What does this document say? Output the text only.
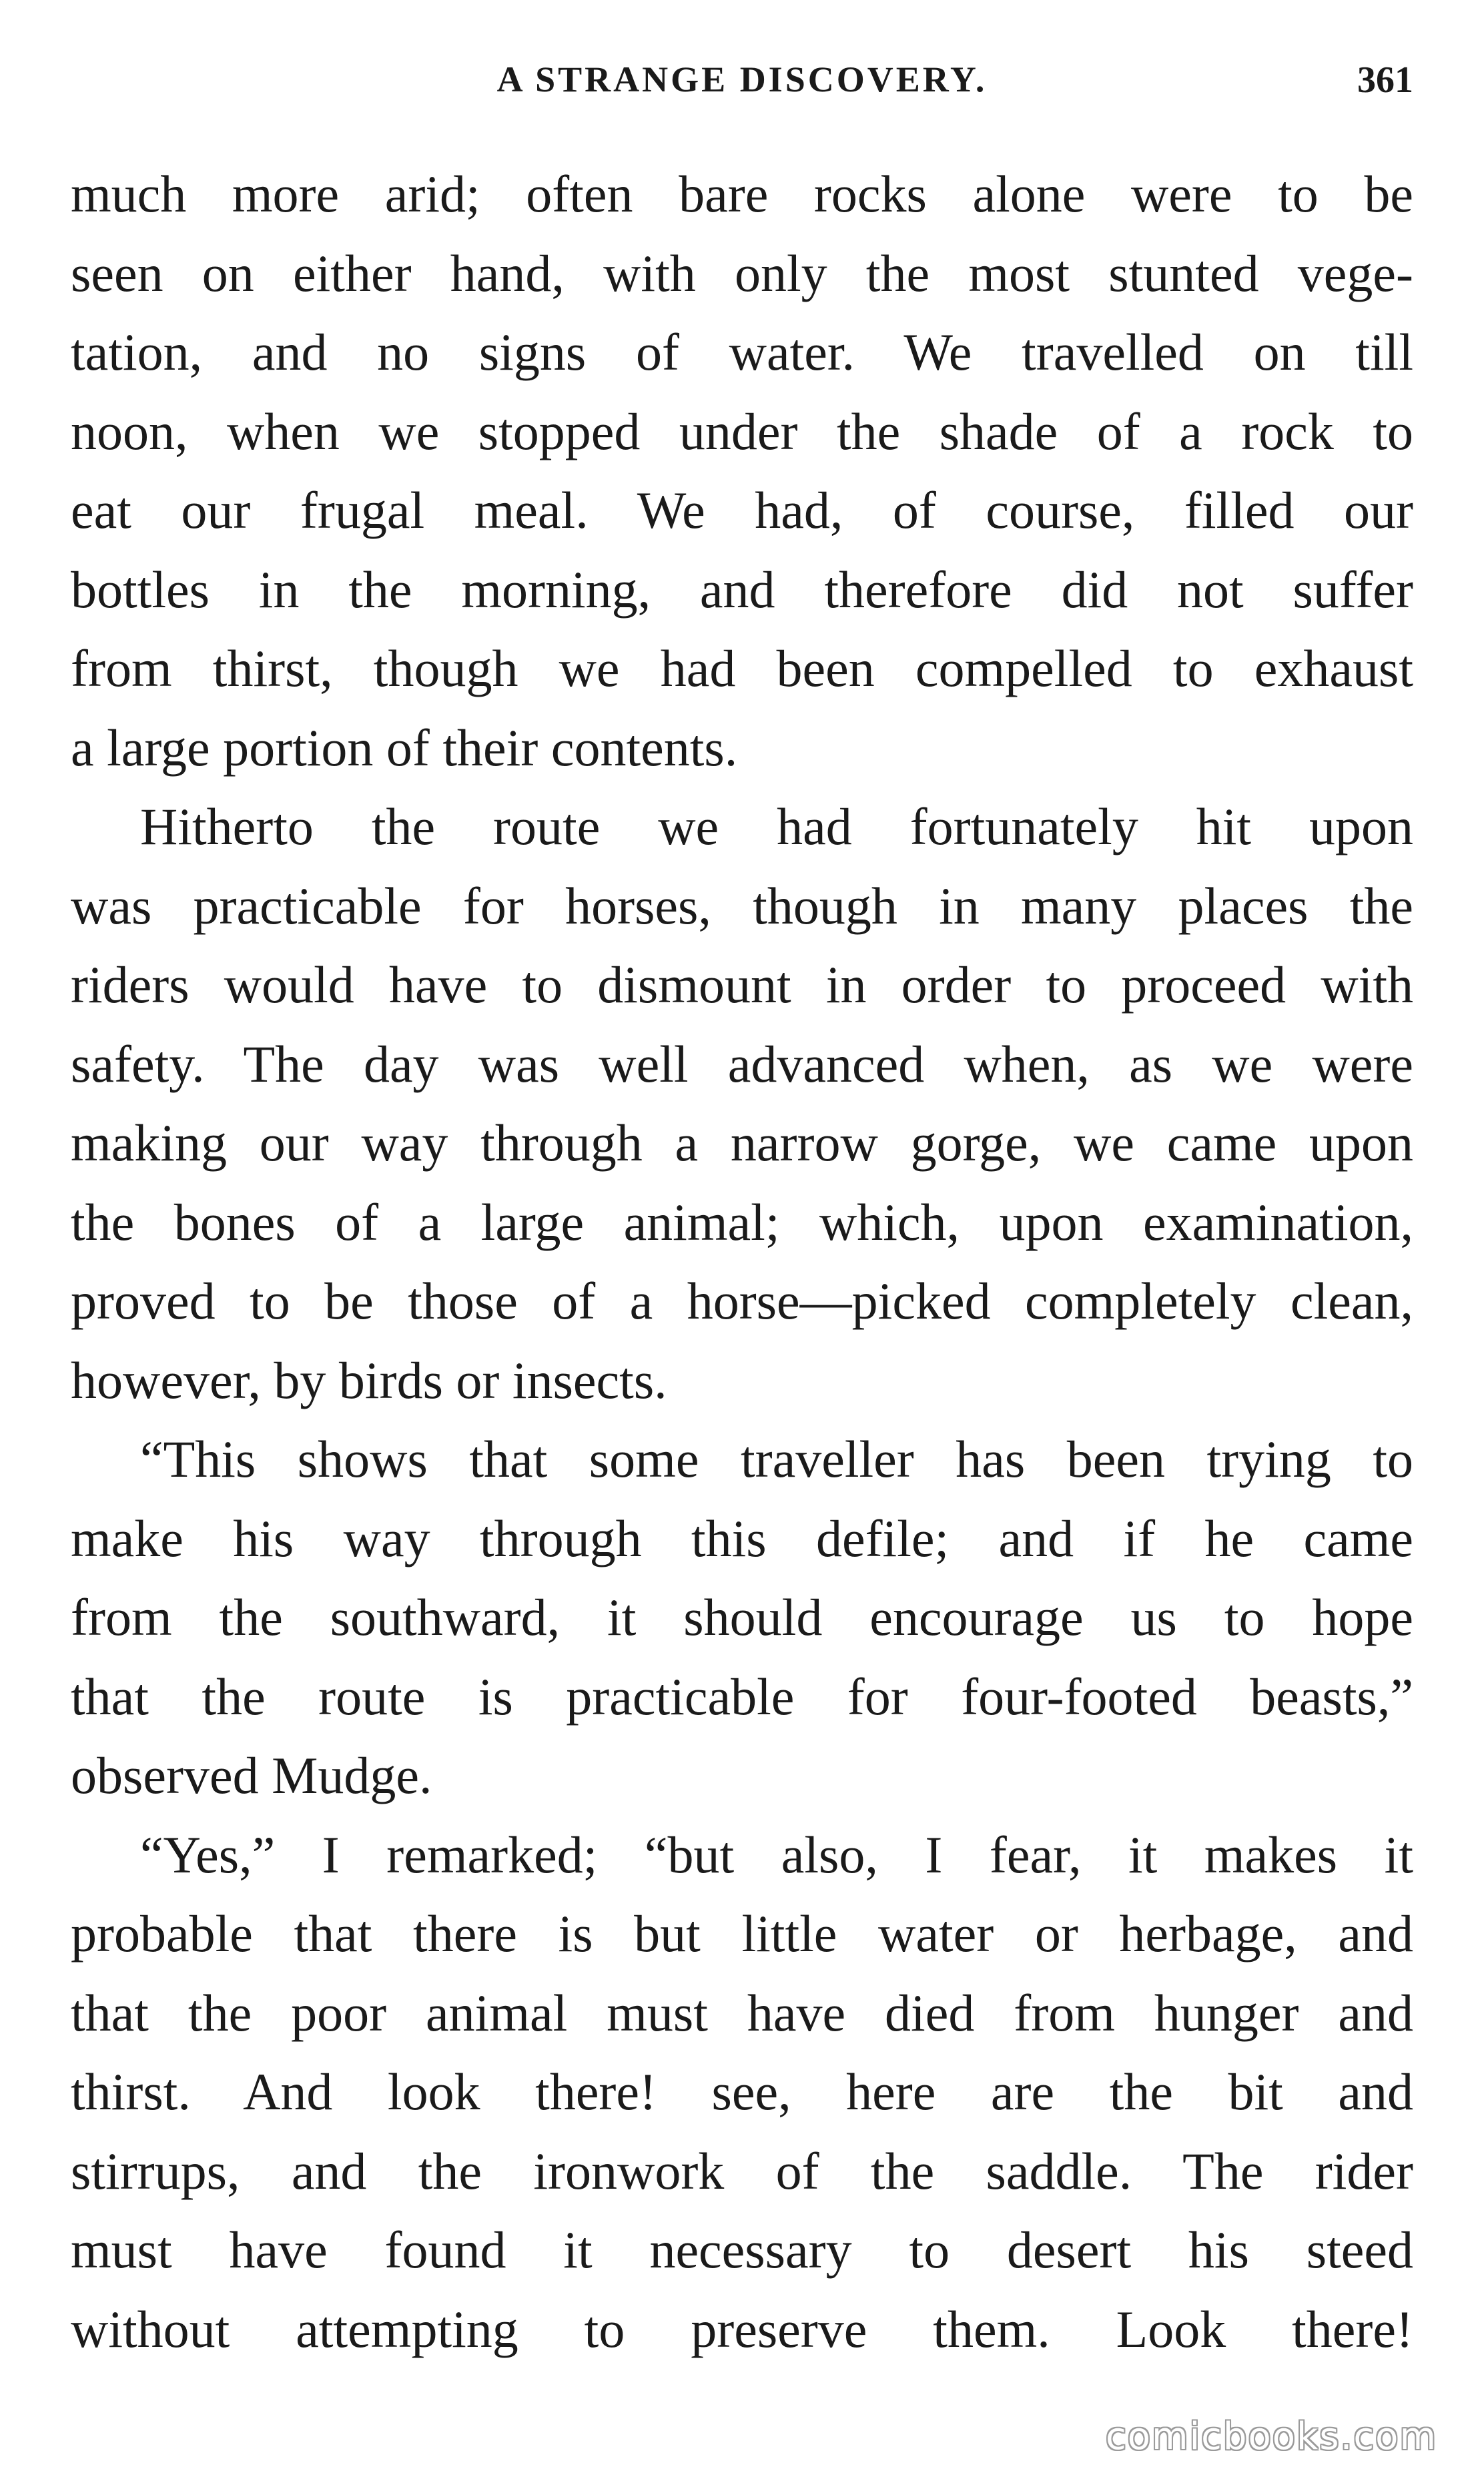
A STRANGE DISCOVERY.	361
much more arid; often bare rocks alone were to be
seen on either hand, with only the most stunted vege-
tation, and no signs of water. We travelled on till
noon, when we stopped under the shade of a rock to
eat our frugal meal. We had, of course, filled our
bottles in the morning, and therefore did not suffer
from thirst, though we had been compelled to exhaust
a large portion of their contents.
Hitherto the route we had fortunately hit upon
was practicable for horses, though in many places the
riders would have to dismount in order to proceed with
safety. The day was well advanced when, as we were
making our way through a narrow gorge, we came upon
the bones of a large animal; which, upon examination,
proved to be those of a horse—picked completely clean,
however, by birds or insects.
“This shows that some traveller has been trying to
make his way through this defile; and if he came
from the southward, it should encourage us to hope
that the route is practicable for four-footed beasts,”
observed Mudge.
“Yes,” I remarked; “but also, I fear, it makes it
probable that there is but little water or herbage, and
that the poor animal must have died from hunger and
thirst. And look there! see, here are the bit and
stirrups, and the ironwork of the saddle. The rider
must have found it necessary to desert his steed
without attempting to preserve them. Look there!
comicbooks.com
